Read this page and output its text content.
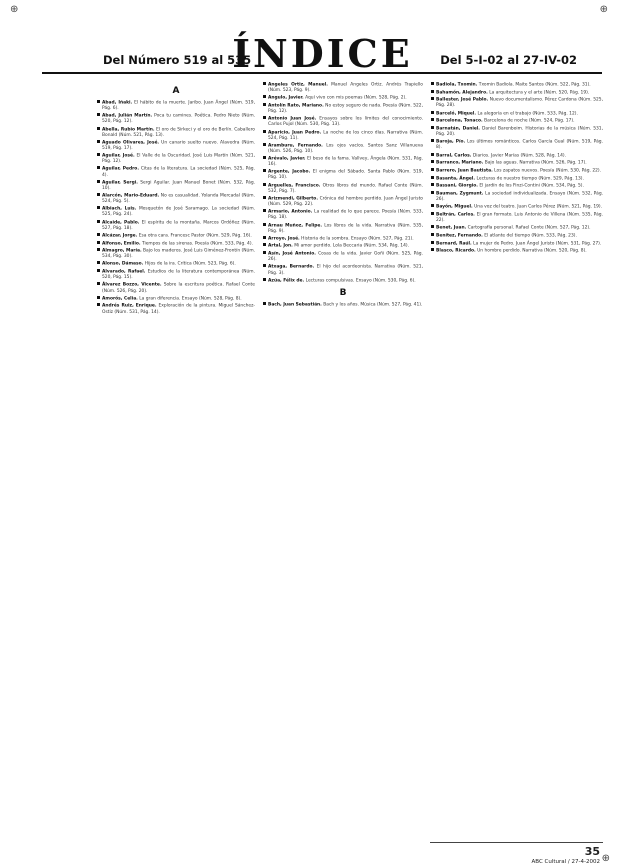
⊕	⊕
Del Número 519 al 535
ÍNDICE Del 5-I-02 al 27-IV-02
A

Abad, Iñaki. El hábito de la muerte. Jaribo. Juan Ángel (Núm. 519, Pág. 6).

Abad, Julián Martín. Poca tu camines. Poética. Pedro Nieto (Núm. 520, Pág. 12).

Abella, Rubio Martín. El oro de Sirkeci y el oro de Berlín. Caballero Bonald (Núm. 521, Pág. 13).

Aguado Olivares, José. Un canario suelto nuevo. Alavedra (Núm. 519, Pág. 17).

Aguilar, José. El Valle de la Oscuridad. José Luis Martín (Núm. 521, Pág. 12).

Aguilar, Pedro. Citas de la literatura. La sociedad (Núm. 525, Pág. 4).

Aguilar, Sergi. Sergi Aguilar. Juan Manuel Bonet (Núm. 532, Pág. 10).

Alarcón, Mario-Eduard. No es casualidad. Yolanda Mercadal (Núm. 524, Pág. 5).

Albiach, Luis. Mosquetón de José Saramago. La sociedad (Núm. 525, Pág. 24).

Alcaide, Pablo. El espíritu de la montaña. Marcos Ordóñez (Núm. 527, Pág. 18).

Alcázar, Jorge. Esa otra cara. Francesc Pastor (Núm. 529, Pág. 16).

Alfonso, Emilio. Tiempos de las sirenas. Poesía (Núm. 533, Pág. 4).

Almagro, María. Bajo los maderos. José Luis Giménez-Frontín (Núm. 534, Pág. 30).

Alonso, Dámaso. Hijos de la ira. Crítica (Núm. 523, Pág. 6).

Alvarado, Rafael. Estudios de la literatura contemporánea (Núm. 520, Pág. 15).

Álvarez Bozzo, Vicente. Sobre la escritura poética. Rafael Conte (Núm. 526, Pág. 20).

Amorós, Celia. La gran diferencia. Ensayo (Núm. 528, Pág. 8).

Andrés Ruiz, Enrique. Exploración de la pintura. Miguel Sánchez-Ostiz (Núm. 531, Pág. 14).

Ángeles Ortiz, Manuel. Manuel Ángeles Ortiz. Andrés Trapiello (Núm. 523, Pág. 9).

Angulo, Javier. Aquí vivo con mis poemas (Núm. 528, Pág. 2).

Antolín Rato, Mariano. No estoy seguro de nada. Poesía (Núm. 522, Pág. 12).

Antonio Juan José. Ensayos sobre los límites del conocimiento. Carlos Pujol (Núm. 530, Pág. 13).

Aparicio, Juan Pedro. La noche de los cinco días. Narrativa (Núm. 524, Pág. 11).

Aramburu, Fernando. Los ojos vacíos. Santos Sanz Villanueva (Núm. 526, Pág. 10).

Arévalo, Javier. El beso de la fama. Vallvey, Ángela (Núm. 531, Pág. 16).

Argente, Jacobo. El enigma del Sábado. Santa Pablo (Núm. 519, Pág. 10).

Arguelles, Francisco. Otros libros del mundo. Rafael Conte (Núm. 532, Pág. 7).

Arizmendi, Gilberto. Crónica del hombre perdido. Juan Ángel Juristo (Núm. 529, Pág. 22).

Armario, Antonio. La realidad de lo que parece. Poesía (Núm. 533, Pág. 18).

Arnau Muñoz, Felipe. Los libros de la vida. Narrativa (Núm. 535, Pág. 9).

Arroyo, José. Historia de la sombra. Ensayo (Núm. 527, Pág. 21).

Artal, Jon. Mi amor perdido. Lola Beccaria (Núm. 534, Pág. 14).

Asín, José Antonio. Cosas de la vida. Javier Goñi (Núm. 525, Pág. 26).

Atxaga, Bernardo. El hijo del acordeonista. Narrativa (Núm. 521, Pág. 3).

Azúa, Félix de. Lecturas compulsivas. Ensayo (Núm. 530, Pág. 6).

B

Bach, Juan Sebastián. Bach y los años. Música (Núm. 527, Pág. 41).

Badiola, Txomin. Txomin Badiola. Maite Santos (Núm. 522, Pág. 31).

Bahamón, Alejandro. La arquitectura y el arte (Núm. 520, Pág. 19).

Ballester, José Pablo. Nuevo documentalismo. Pérez Cardona (Núm. 525, Pág. 28).

Barceló, Miquel. La alegoría en el trabajo (Núm. 533, Pág. 12).

Barcelona, Tonaco. Barcelona de noche (Núm. 524, Pág. 17).

Barnatán, Daniel. Daniel Barenboim. Historias de la música (Núm. 531, Pág. 20).

Baroja, Pío. Los últimos románticos. Carlos García Gual (Núm. 519, Pág. 8).

Barral, Carlos. Diarios. Javier Marías (Núm. 528, Pág. 14).

Barranco, Mariano. Bajo las aguas. Narrativa (Núm. 526, Pág. 17).

Barrero, Juan Bautista. Los zapatos nuevos. Poesía (Núm. 530, Pág. 22).

Basanta, Ángel. Lecturas de nuestro tiempo (Núm. 529, Pág. 13).

Bassani, Giorgio. El jardín de los Finzi-Contini (Núm. 534, Pág. 5).

Bauman, Zygmunt. La sociedad individualizada. Ensayo (Núm. 532, Pág. 26).

Bayón, Miguel. Una voz del teatro. Juan Carlos Pérez (Núm. 521, Pág. 19).

Beltrán, Carlos. El gran formato. Luis Antonio de Villena (Núm. 535, Pág. 22).

Benet, Juan. Cartografía personal. Rafael Conte (Núm. 527, Pág. 12).

Benítez, Fernando. El atlante del tiempo (Núm. 533, Pág. 23).

Bernard, Raúl. La mujer de Pedro. Juan Ángel Juristo (Núm. 531, Pág. 27).

Blasco, Ricardo. Un hombre perdido. Narrativa (Núm. 520, Pág. 8).

35
ABC Cultural / 27-4-2002 ⊕
